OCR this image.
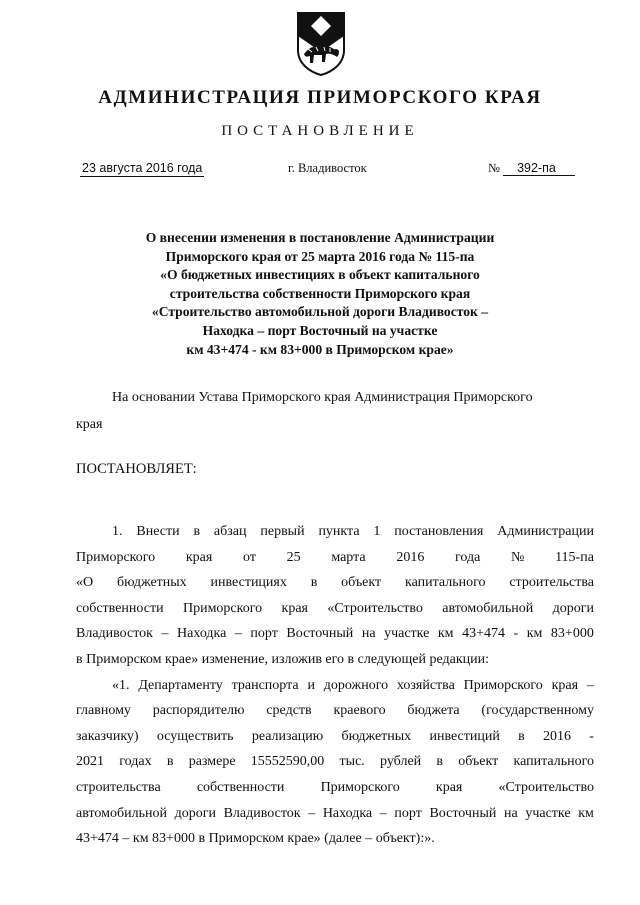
АДМИНИСТРАЦИЯ ПРИМОРСКОГО КРАЯ
ПОСТАНОВЛЕНИЕ
23 августа 2016 года	г. Владивосток	№ 392-па
О внесении изменения в постановление Администрации
Приморского края от 25 марта 2016 года № 115-па
«О бюджетных инвестициях в объект капитального
строительства собственности Приморского края
«Строительство автомобильной дороги Владивосток –
Находка – порт Восточный на участке
км 43+474 - км 83+000 в Приморском крае»
На основании Устава Приморского края Администрация Приморского
края
ПОСТАНОВЛЯЕТ:
1. Внести в абзац первый пункта 1 постановления Администрации
Приморского края от 25 марта 2016 года № 115-па
«О бюджетных инвестициях в объект капитального строительства
собственности Приморского края «Строительство автомобильной дороги
Владивосток – Находка – порт Восточный на участке км 43+474 - км 83+000
в Приморском крае» изменение, изложив его в следующей редакции:
«1. Департаменту транспорта и дорожного хозяйства Приморского края –
главному распорядителю средств краевого бюджета (государственному
заказчику) осуществить реализацию бюджетных инвестиций в 2016 -
2021 годах в размере 15552590,00 тыс. рублей в объект капитального
строительства	собственности	Приморского	края	«Строительство
автомобильной дороги Владивосток – Находка – порт Восточный на участке км
43+474 – км 83+000 в Приморском крае» (далее – объект):».
